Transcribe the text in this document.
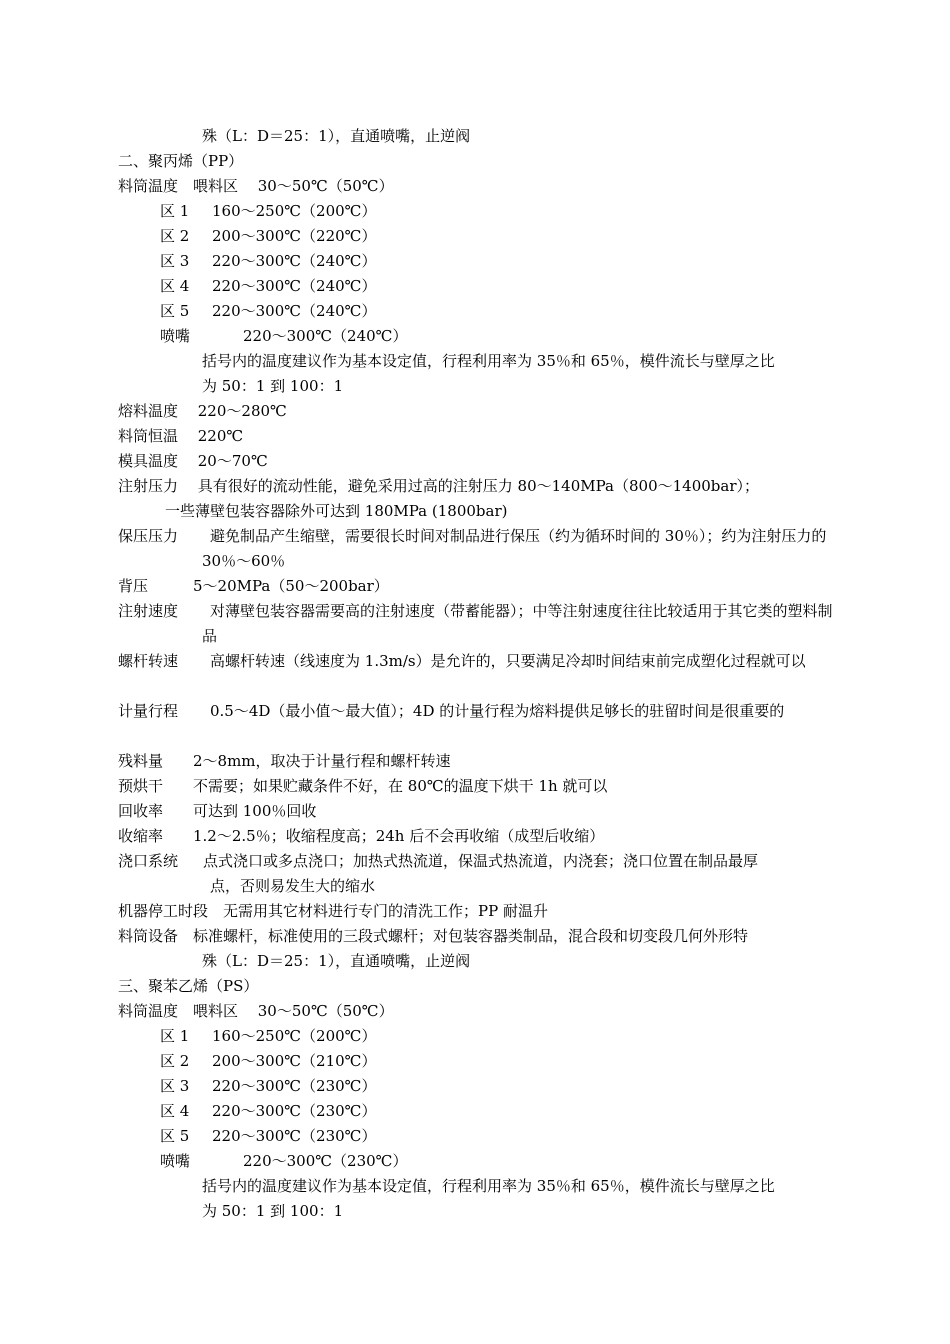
殊（L：D＝25：1），直通喷嘴，止逆阀
二、聚丙烯（PP）
料筒温度　喂料区　 30～50℃（50℃）
区 1 160～250℃（200℃）
区 2 200～300℃（220℃）
区 3 220～300℃（240℃）
区 4 220～300℃（240℃）
区 5 220～300℃（240℃）
喷嘴	220～300℃（240℃）
括号内的温度建议作为基本设定值，行程利用率为 35％和 65％，模件流长与壁厚之比
为 50：1 到 100：1
熔料温度　 220～280℃
料筒恒温　 220℃
模具温度　 20～70℃
注射压力　 具有很好的流动性能，避免采用过高的注射压力 80～140MPa（800～1400bar）；
一些薄壁包装容器除外可达到 180MPa (1800bar)
保压压力	避免制品产生缩壁，需要很长时间对制品进行保压（约为循环时间的 30％）；约为注射压力的 30％～60％
背压　　　5～20MPa（50～200bar）
注射速度	对薄壁包装容器需要高的注射速度（带蓄能器）；中等注射速度往往比较适用于其它类的塑料制品
螺杆转速	高螺杆转速（线速度为 1.3m/s）是允许的，只要满足冷却时间结束前完成塑化过程就可以
计量行程	0.5～4D（最小值～最大值）；4D 的计量行程为熔料提供足够长的驻留时间是很重要的
残料量　　2～8mm，取决于计量行程和螺杆转速
预烘干　　不需要；如果贮藏条件不好，在 80℃的温度下烘干 1h 就可以
回收率　　可达到 100％回收
收缩率　　1.2～2.5％；收缩程度高；24h 后不会再收缩（成型后收缩）
浇口系统 点式浇口或多点浇口；加热式热流道，保温式热流道，内浇套；浇口位置在制品最厚
点，否则易发生大的缩水
机器停工时段　无需用其它材料进行专门的清洗工作；PP 耐温升
料筒设备　标准螺杆，标准使用的三段式螺杆；对包装容器类制品，混合段和切变段几何外形特
殊（L：D＝25：1），直通喷嘴，止逆阀
三、聚苯乙烯（PS）
料筒温度　喂料区　 30～50℃（50℃）
区 1 160～250℃（200℃）
区 2 200～300℃（210℃）
区 3 220～300℃（230℃）
区 4 220～300℃（230℃）
区 5 220～300℃（230℃）
喷嘴	220～300℃（230℃）
括号内的温度建议作为基本设定值，行程利用率为 35％和 65％，模件流长与壁厚之比
为 50：1 到 100：1
